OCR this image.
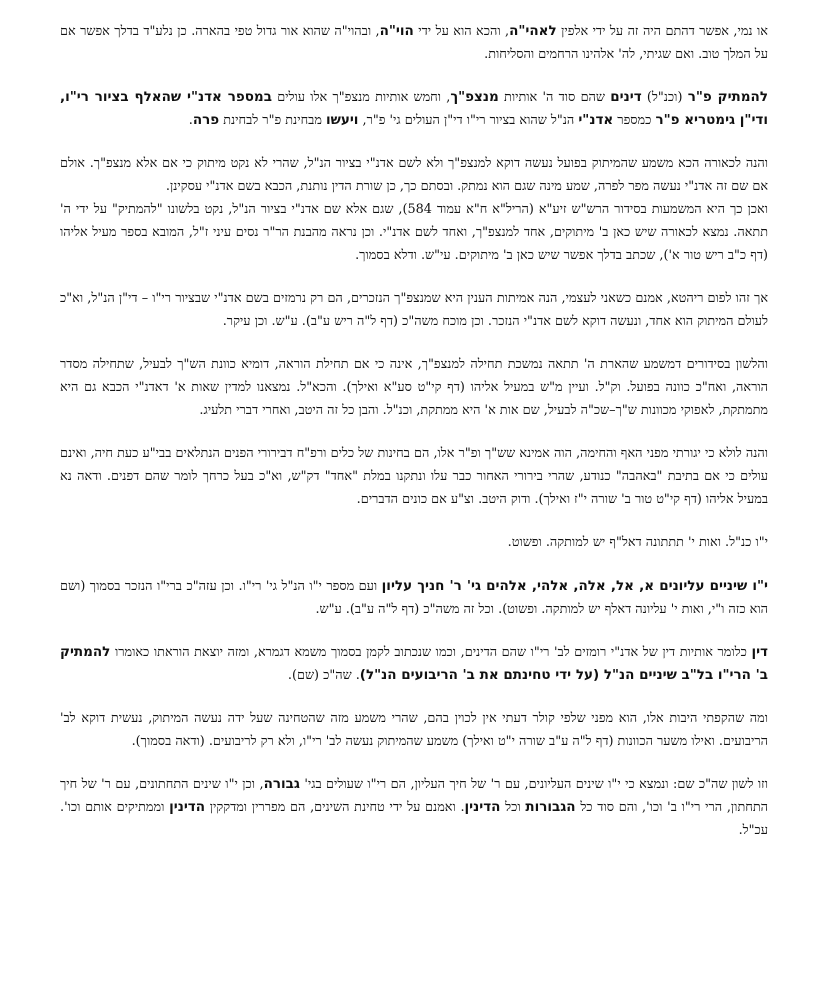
או נמי, אפשר דהתם היה זה על ידי אלפין לאהי"ה, והכא הוא על ידי הוי"ה, ובהוי"ה שהוא אור גדול טפי בהארה. כן נלע"ד בדלך אפשר אם על המלך טוב. ואם שגיתי, לה' אלהינו הרחמים והסליחות.

להמתיק פ"ר (וכנ"ל) דינים שהם סוד ה' אותיות מנצפ"ך, וחמש אותיות מנצפ"ך אלו עולים במספר אדנ"י שהאלף בציור רי"ו, ודי"ן גימטריא פ"ר כמספר אדנ"י הנ"ל שהוא בציור רי"ו די"ן העולים גי' פ"ר, ויעשו מבחינת פ"ר לבחינת פרה.

והנה לכאורה הכא משמע שהמיתוק בפועל נעשה דוקא למנצפ"ך ולא לשם אדנ"י בציור הנ"ל, שהרי לא נקט מיתוק כי אם אלא מנצפ"ך. אולם אם שם זה אדנ"י נעשה מפר לפרה, שמע מינה שגם הוא נמתק. ובסתם כך, כן שורת הדין נותנת, הכבא בשם אדנ"י עסקינן.

ואכן כך היא המשמעות בסידור הרש"ש זיע"א (הריל"א ח"א עמוד 584), שגם אלא שם אדנ"י בציור הנ"ל, נקט בלשונו "להמתיק" על ידי ה' תתאה. נמצא לכאורה שיש כאן ב' מיתוקים, אחד למנצפ"ך, ואחד לשם אדנ"י. וכן נראה מהבנת הר"ר נסים עיני ז"ל, המובא בספר מעיל אליהו (דף כ"ב ריש טור א'), שכתב בדלך אפשר שיש כאן ב' מיתוקים. עי"ש. ודלא בסמוך.

אך זהו לפום ריהטא, אמנם כשאני לעצמי, הנה אמיתות הענין היא שמנצפ"ך הנזכרים, הם רק נרמזים בשם אדנ"י שבציור רי"ו – די"ן הנ"ל, וא"כ לעולם המיתוק הוא אחד, ונעשה דוקא לשם אדנ"י הנזכר. וכן מוכח משה"כ (דף ל"ה ריש ע"ב). ע"ש. וכן עיקר.

והלשון בסידורים דמשמע שהארת ה' תתאה נמשכת תחילה למנצפ"ך, אינה כי אם תחילת הוראה, דומיא כוונת הש"ך לבעיל, שתחילה מסדר הוראה, ואח"כ כוונה בפועל. וק"ל. ועיין מ"ש במעיל אליהו (דף קי"ט סע"א ואילך). והכא"ל. נמצאנו למדין שאות א' דאדנ"י הכבא גם היא מתמתקת, לאפוקי מכוונות ש"ך–שכ"ה לבעיל, שם אות א' היא ממתקת, וכנ"ל. והבן כל זה היטב, ואחרי דברי תלעיג.

והנה לולא כי יגורתי מפני האף והחימה, הוה אמינא שש"ך ופ"ר אלו, הם בחינות של כלים ורפ"ח דבירורי הפנים הנתלאים בבי"ע כעת חיה, ואינם עולים כי אם בתיבת "באהבה" כנודע, שהרי בירורי האחור כבר עלו ונתקנו במלת "אחד" דק"ש, וא"כ בעל כרחך לומר שהם דפנים. ודאה נא במעיל אליהו (דף קי"ט טור ב' שורה י"ז ואילך). ודוק היטב. וצ"ע אם כונים הדברים.

י"ו כנ"ל. ואות י' תתתונה דאל"ף יש למותקה. ופשוט.

י"ו שיניים עליונים א, אל, אלה, אלהי, אלהים גי' ר' חניך עליון ועם מספר י"ו הנ"ל גי' רי"ו. וכן עזה"כ ברי"ו הנזכר בסמוך (ושם הוא כזה ו"י, ואות י' עליונה דאלף יש למותקה. ופשוט). וכל זה משה"כ (דף ל"ה ע"ב). ע"ש.

דין כלומר אותיות דין של אדנ"י רומזים לב' רי"ו שהם הדינים, וכמו שנכתוב לקמן בסמוך משמא דגמרא, ומזה יוצאת הוראתו כאומרו להמתיק ב' הרי"ו בל"ב שיניים הנ"ל (על ידי טחינתם את ב' הריבועים הנ"ל). שה"כ (שם).

ומה שהקפתי היבות אלו, הוא מפני שלפי קולר דעתי אין לכוין בהם, שהרי משמע מזה שהטחינה שעל ידה נעשה המיתוק, נעשית דוקא לב' הריבועים. ואילו משער הכוונות (דף ל"ה ע"ב שורה י"ט ואילך) משמע שהמיתוק נעשה לב' רי"ו, ולא רק לריבועים. (ודאה בסמוך).

וזו לשון שה"כ שם: ונמצא כי י"ו שינים העליונים, עם ר' של חיך העליון, הם רי"ו שעולים בגי' גבורה, וכן י"ו שינים התחתונים, עם ר' של חיך התחתון, הרי רי"ו ב' וכו', והם סוד כל הגבורות וכל הדינין. ואמנם על ידי טחינת השינים, הם מפררין ומדקקין הדינין וממתיקים אותם וכו'. עכ"ל.
